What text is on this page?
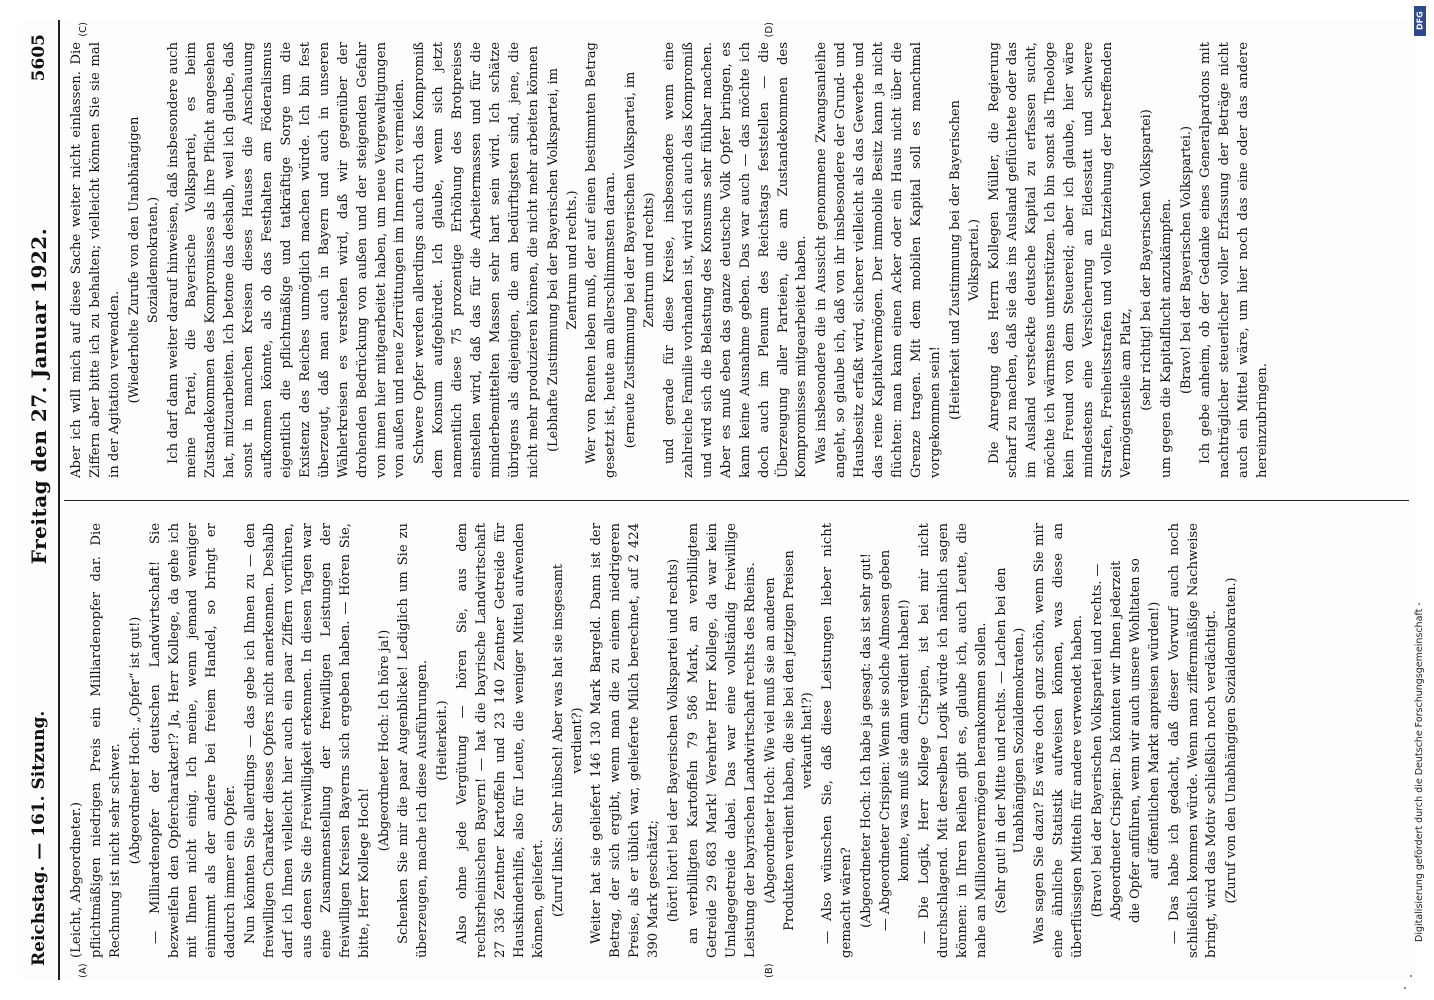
Reichstag. — 161. Sitzung.
Freitag den 27. Januar 1922.
5605
(A)	(B)

(Leicht, Abgeordneter.) pflichtmäßigen niedrigen Preis ein Milliardenopfer dar. Die Rechnung ist nicht sehr schwer. (Abgeordneter Hoch: „Opfer“ ist gut!) — Milliardenopfer der deutschen Landwirtschaft! Sie bezweifeln den Opfercharakter!? Ja, Herr Kollege, da gehe ich mit Ihnen nicht einig. Ich meine, wenn jemand weniger einnimmt als der andere bei freiem Handel, so bringt er dadurch immer ein Opfer. Nun könnten Sie allerdings — das gebe ich Ihnen zu — den freiwilligen Charakter dieses Opfers nicht anerkennen. Deshalb darf ich Ihnen vielleicht hier auch ein paar Ziffern vorführen, aus denen Sie die Freiwilligkeit erkennen. In diesen Tagen war eine Zusammenstellung der freiwilligen Leistungen der freiwilligen Kreisen Bayerns sich ergeben haben. — Hören Sie, bitte, Herr Kollege Hoch!

(Abgeordneter Hoch: Ich höre ja!) Schenken Sie mir die paar Augenblicke! Lediglich um Sie zu überzeugen, mache ich diese Ausführungen. (Heiterkeit.) Also ohne jede Vergütung — hören Sie, aus dem rechtsrheinischen Bayern! — hat die bayrische Landwirtschaft 27 336 Zentner Kartoffeln und 23 140 Zentner Getreide für Hauskinderhilfe, also für Leute, die weniger Mittel aufwenden können, geliefert. (Zuruf links: Sehr hübsch! Aber was hat sie insgesamt verdient?) Weiter hat sie geliefert 146 130 Mark Bargeld. Dann ist der Betrag, der sich ergibt, wenn man die zu einem niedrigeren Preise, als er üblich war, gelieferte Milch berechnet, auf 2 424 390 Mark geschätzt; (hört! hört! bei der Bayerischen Volkspartei und rechts) an verbilligten Kartoffeln 79 586 Mark, an verbilligtem Getreide 29 683 Mark! Verehrter Herr Kollege, da war kein Umlagegetreide dabei. Das war eine vollständig freiwillige Leistung der bayrischen Landwirtschaft rechts des Rheins. (Abgeordneter Hoch: Wie viel muß sie an anderen Produkten verdient haben, die sie bei den jetzigen Preisen verkauft hat!?) — Also wünschen Sie, daß diese Leistungen lieber nicht gemacht wären? (Abgeordneter Hoch: Ich habe ja gesagt: das ist sehr gut! — Abgeordneter Crispien: Wenn sie solche Almosen geben konnte, was muß sie dann verdient haben!) — Die Logik, Herr Kollege Crispien, ist bei mir nicht durchschlagend. Mit derselben Logik würde ich nämlich sagen können: in Ihren Reihen gibt es, glaube ich, auch Leute, die nahe an Millionenvermögen herankommen sollen. (Sehr gut! in der Mitte und rechts. — Lachen bei den Unabhängigen Sozialdemokraten.) Was sagen Sie dazu? Es wäre doch ganz schön, wenn Sie mir eine ähnliche Statistik aufweisen können, was diese an überflüssigen Mitteln für andere verwendet haben. (Bravo! bei der Bayerischen Volkspartei und rechts. — Abgeordneter Crispien: Da könnten wir Ihnen jederzeit die Opfer anführen, wenn wir auch unsere Wohltaten so auf öffentlichen Markt anpreisen würden!) — Das habe ich gedacht, daß dieser Vorwurf auch noch schließlich kommen würde. Wenn man ziffernmäßige Nachweise bringt, wird das Motiv schließlich noch verdächtigt. (Zuruf von den Unabhängigen Sozialdemokraten.)

(C)	(D)

Aber ich will mich auf diese Sache weiter nicht einlassen. Die Ziffern aber bitte ich zu behalten; vielleicht können Sie sie mal in der Agitation verwenden. (Wiederholte Zurufe von den Unabhängigen Sozialdemokraten.) Ich darf dann weiter darauf hinweisen, daß insbesondere auch meine Partei, die Bayerische Volkspartei, es beim Zustandekommen des Kompromisses als ihre Pflicht angesehen hat, mitzuarbeiten. Ich betone das deshalb, weil ich glaube, daß sonst in manchen Kreisen dieses Hauses die Anschauung aufkommen könnte, als ob das Festhalten am Föderalismus eigentlich die pflichtmäßige und tatkräftige Sorge um die Existenz des Reiches unmöglich machen würde. Ich bin fest überzeugt, daß man auch in Bayern und auch in unseren Wählerkreisen es verstehen wird, daß wir gegenüber der drohenden Bedrückung von außen und der steigenden Gefahr von innen hier mitgearbeitet haben, um neue Vergewaltigungen von außen und neue Zerrüttungen im Innern zu vermeiden. Schwere Opfer werden allerdings auch durch das Kompromiß dem Konsum aufgebürdet. Ich glaube, wenn sich jetzt namentlich diese 75 prozentige Erhöhung des Brotpreises einstellen wird, daß das für die Arbeitermassen und für die minderbemittelten Massen sehr hart sein wird. Ich schätze übrigens als diejenigen, die am bedürftigsten sind, jene, die nicht mehr produzieren können, die nicht mehr arbeiten können (Lebhafte Zustimmung bei der Bayerischen Volkspartei, im Zentrum und rechts.) Wer von Renten leben muß, der auf einen bestimmten Betrag gesetzt ist, heute am allerschlimmsten daran. (erneute Zustimmung bei der Bayerischen Volkspartei, im Zentrum und rechts) und gerade für diese Kreise, insbesondere wenn eine zahlreiche Familie vorhanden ist, wird sich auch das Kompromiß und wird sich die Belastung des Konsums sehr fühlbar machen. Aber es muß eben das ganze deutsche Volk Opfer bringen, es kann keine Ausnahme geben. Das war auch — das möchte ich doch auch im Plenum des Reichstags feststellen — die Überzeugung aller Parteien, die am Zustandekommen des Kompromisses mitgearbeitet haben. Was insbesondere die in Aussicht genommene Zwangsanleihe angeht, so glaube ich, daß von ihr insbesondere der Grund- und Hausbesitz erfaßt wird, sicherer vielleicht als das Gewerbe und das reine Kapitalvermögen. Der immobile Besitz kann ja nicht flüchten: man kann einen Acker oder ein Haus nicht über die Grenze tragen. Mit dem mobilen Kapital soll es manchmal vorgekommen sein! (Heiterkeit und Zustimmung bei der Bayerischen Volkspartei.) Die Anregung des Herrn Kollegen Müller, die Regierung scharf zu machen, daß sie das ins Ausland geflüchtete oder das im Ausland versteckte deutsche Kapital zu erfassen sucht, möchte ich wärmstens unterstützen. Ich bin sonst als Theologe kein Freund von dem Steuereid; aber ich glaube, hier wäre mindestens eine Versicherung an Eidesstatt und schwere Strafen, Freiheitsstrafen und volle Entziehung der betreffenden Vermögensteile am Platz, (sehr richtig! bei der Bayerischen Volkspartei) um gegen die Kapitalflucht anzukämpfen. (Bravo! bei der Bayerischen Volkspartei.) Ich gebe anheim, ob der Gedanke eines Generalpardons mit nachträglicher steuerlicher voller Erfassung der Beträge nicht auch ein Mittel wäre, um hier noch das eine oder das andere hereinzubringen.

DFG
Digitalisierung gefördert durch die Deutsche Forschungsgemeinschaft -
